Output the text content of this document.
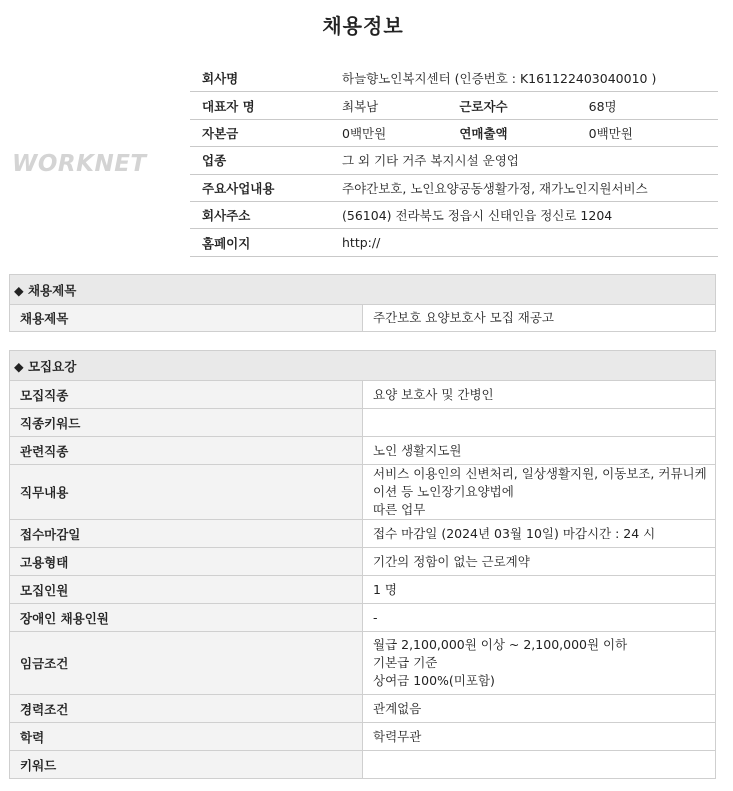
채용정보
WORKNET
회사명	하늘향노인복지센터 (인증번호 : K161122403040010 )		
대표자 명	최복남	근로자수	68명
자본금	0백만원	연매출액	0백만원
업종	그 외 기타 거주 복지시설 운영업		
주요사업내용	주야간보호, 노인요양공동생활가정, 재가노인지원서비스		
회사주소	(56104) 전라북도 정읍시 신태인읍 정신로 1204		
홈페이지	http://		
◆ 채용제목
채용제목	주간보호 요양보호사 모집 재공고
◆ 모집요강	
모집직종	요양 보호사 및 간병인
직종키워드	
관련직종	노인 생활지도원
직무내용	서비스 이용인의 신변처리, 일상생활지원, 이동보조, 커뮤니케이션 등 노인장기요양법에
따른 업무

접수마감일	접수 마감일 (2024년 03월 10일) 마감시간 : 24 시
고용형태	기간의 정함이 없는 근로계약
모집인원	1 명
장애인 채용인원	-
임금조건	월급 2,100,000원 이상 ~ 2,100,000원 이하
기본급 기준
상여금 100%(미포함)

경력조건	관계없음
학력	학력무관
키워드	
